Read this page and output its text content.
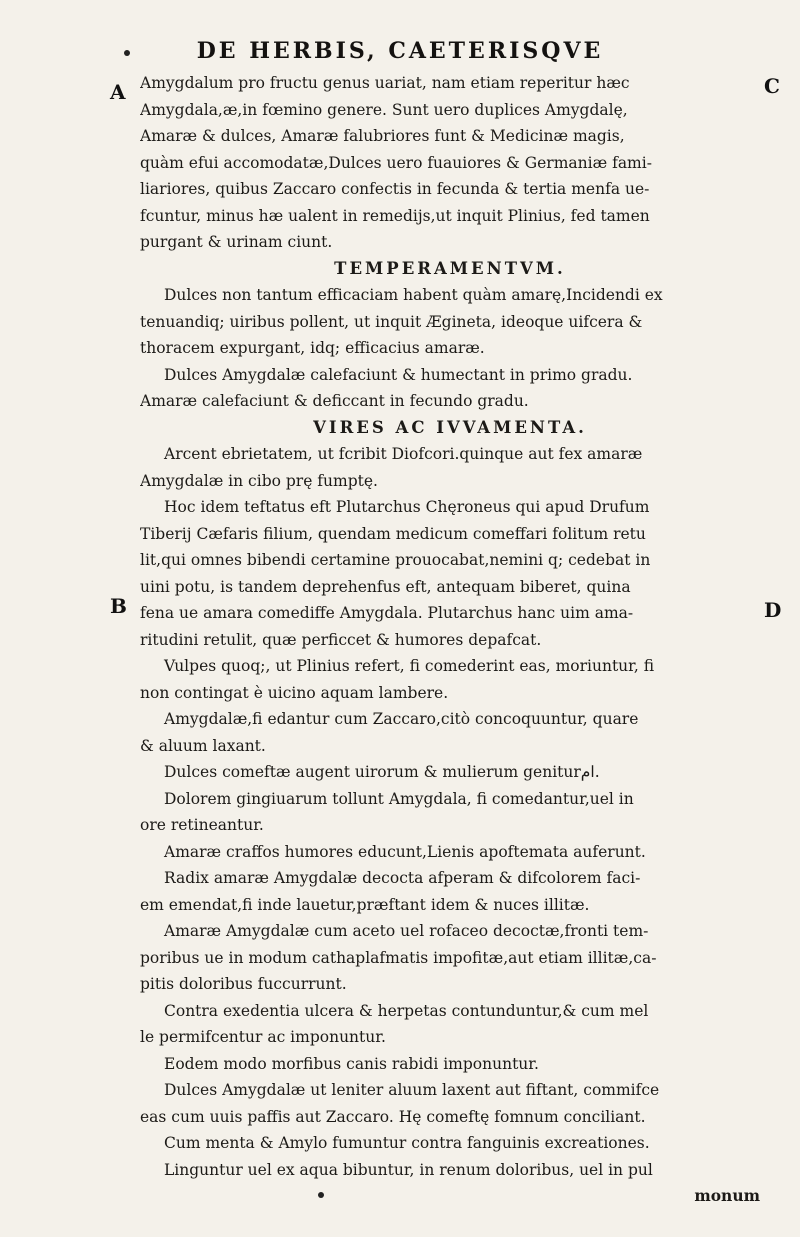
DE HERBIS, CAETERISQVE
A	C
B	D
Amygdalum pro fructu genus uariat, nam etiam reperitur hæc
Amygdala,æ,in fœmino genere. Sunt uero duplices Amygdalę,
Amaræ & dulces, Amaræ falubriores funt & Medicinæ magis,
quàm efui accomodatæ,Dulces uero fuauiores & Germaniæ fami-
liariores, quibus Zaccaro confectis in fecunda & tertia menfa ue-
fcuntur, minus hæ ualent in remedijs,ut inquit Plinius, fed tamen
purgant & urinam ciunt.
TEMPERAMENTVM.
Dulces non tantum efficaciam habent quàm amarę,Incidendi ex
tenuandiq; uiribus pollent, ut inquit Ægineta, ideoque uifcera &
thoracem expurgant, idq; efficacius amaræ.
Dulces Amygdalæ calefaciunt & humectant in primo gradu.
Amaræ calefaciunt & deficcant in fecundo gradu.
VIRES AC IVVAMENTA.
Arcent ebrietatem, ut fcribit Diofcori.quinque aut fex amaræ
Amygdalæ in cibo prę fumptę.
Hoc idem teftatus eft Plutarchus Chęroneus qui apud Drufum
Tiberij Cæfaris filium, quendam medicum comeffari folitum retu
lit,qui omnes bibendi certamine prouocabat,nemini q; cedebat in
uini potu, is tandem deprehenfus eft, antequam biberet, quina
fena ue amara comediffe Amygdala. Plutarchus hanc uim ama-
ritudini retulit, quæ perficcet & humores depafcat.
Vulpes quoq;, ut Plinius refert, fi comederint eas, moriuntur, fi
non contingat è uicino aquam lambere.
Amygdalæ,fi edantur cum Zaccaro,citò concoquuntur, quare
& aluum laxant.
Dulces comeftæ augent uirorum & mulierum geniturام.
Dolorem gingiuarum tollunt Amygdala, fi comedantur,uel in
ore retineantur.
Amaræ craffos humores educunt,Lienis apoftemata auferunt.
Radix amaræ Amygdalæ decocta afperam & difcolorem faci-
em emendat,fi inde lauetur,præftant idem & nuces illitæ.
Amaræ Amygdalæ cum aceto uel rofaceo decoctæ,fronti tem-
poribus ue in modum cathaplafmatis impofitæ,aut etiam illitæ,ca-
pitis doloribus fuccurrunt.
Contra exedentia ulcera & herpetas contunduntur,& cum mel
le permifcentur ac imponuntur.
Eodem modo morfibus canis rabidi imponuntur.
Dulces Amygdalæ ut leniter aluum laxent aut fiftant, commifce
eas cum uuis paffis aut Zaccaro. Hę comeftę fomnum conciliant.
Cum menta & Amylo fumuntur contra fanguinis excreationes.
Linguntur uel ex aqua bibuntur, in renum doloribus, uel in pul
monum
